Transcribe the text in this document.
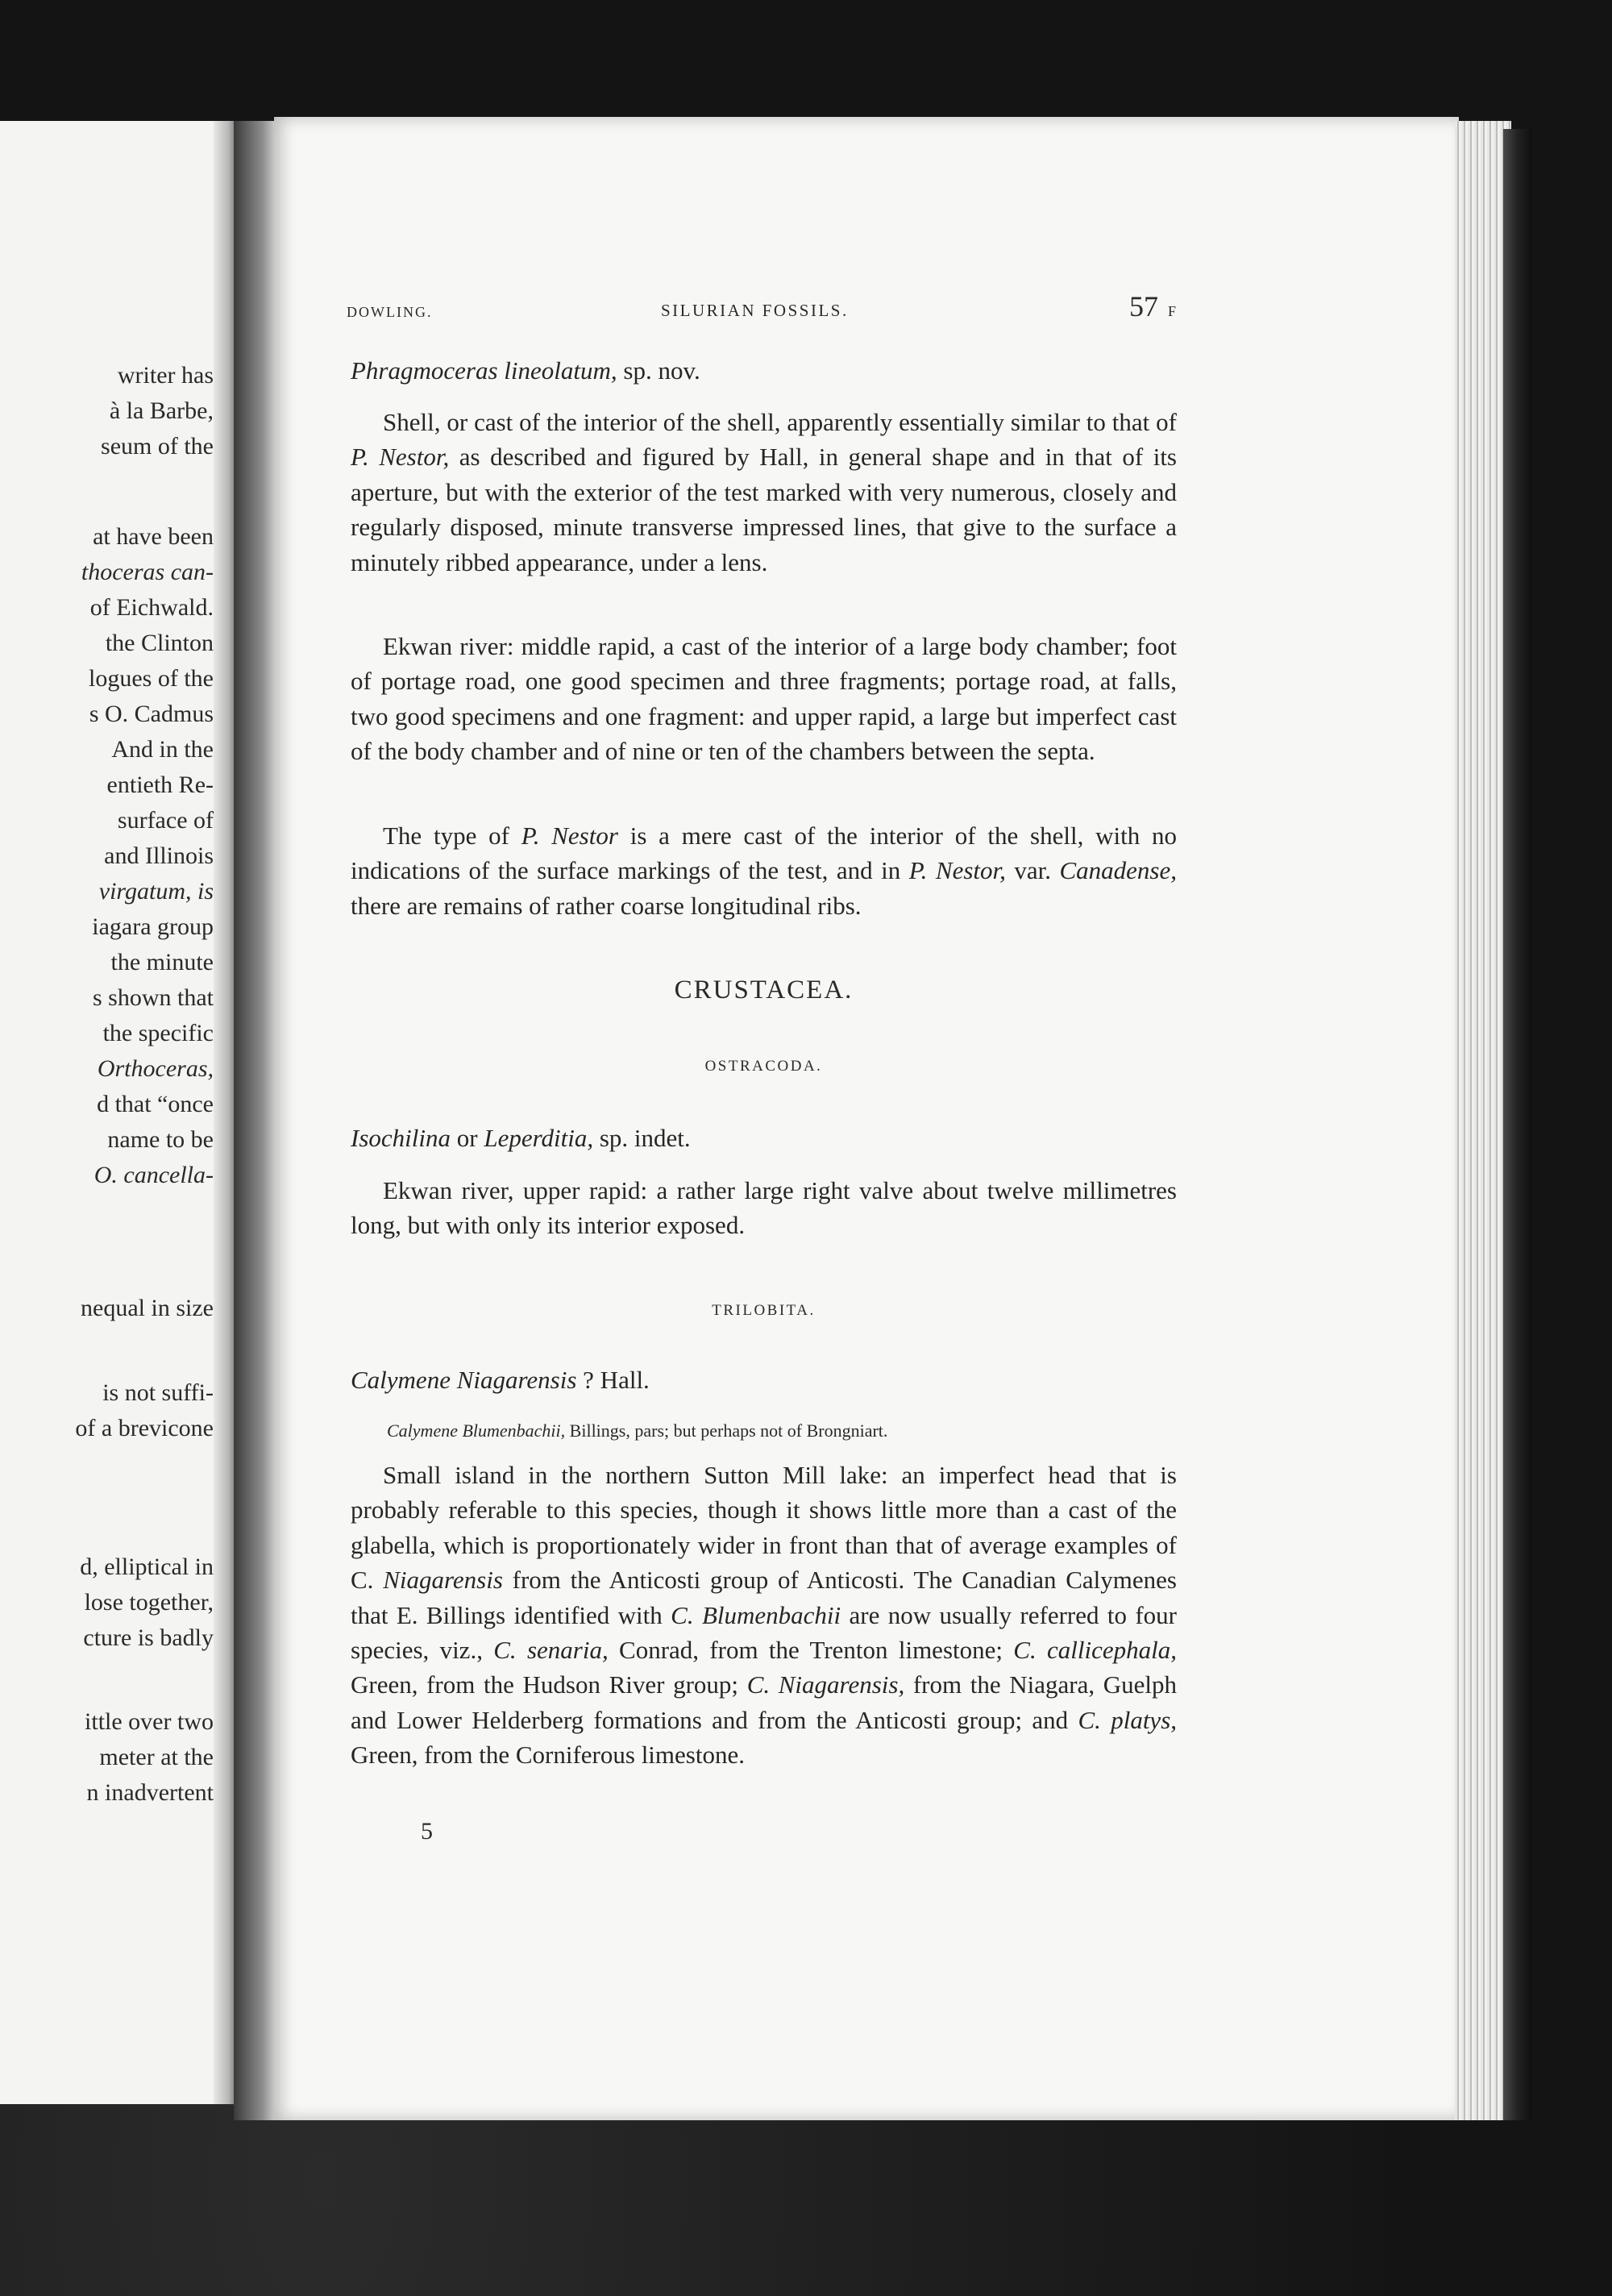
writer has
à la Barbe,
seum of the
at have been
thoceras can-
of Eichwald.
the Clinton
logues of the
s O. Cadmus
And in the
entieth Re-
surface of
and Illinois
virgatum, is
iagara group
the minute
s shown that
the specific
Orthoceras,
d that “once
name to be
O. cancella-
nequal in size
is not suffi-
of a brevicone
d, elliptical in
lose together,
cture is badly
ittle over two
meter at the
n inadvertent
DOWLING.	SILURIAN FOSSILS.	57 F
Phragmoceras lineolatum, sp. nov.
Shell, or cast of the interior of the shell, apparently essentially similar to that of P. Nestor, as described and figured by Hall, in general shape and in that of its aperture, but with the exterior of the test marked with very numerous, closely and regularly disposed, minute transverse impressed lines, that give to the surface a minutely ribbed appearance, under a lens.
Ekwan river: middle rapid, a cast of the interior of a large body chamber; foot of portage road, one good specimen and three fragments; portage road, at falls, two good specimens and one fragment: and upper rapid, a large but imperfect cast of the body chamber and of nine or ten of the chambers between the septa.
The type of P. Nestor is a mere cast of the interior of the shell, with no indications of the surface markings of the test, and in P. Nestor, var. Canadense, there are remains of rather coarse longitudinal ribs.
CRUSTACEA.
OSTRACODA.
Isochilina or Leperditia, sp. indet.
Ekwan river, upper rapid: a rather large right valve about twelve millimetres long, but with only its interior exposed.
TRILOBITA.
Calymene Niagarensis ? Hall.
Calymene Blumenbachii, Billings, pars; but perhaps not of Brongniart.
Small island in the northern Sutton Mill lake: an imperfect head that is probably referable to this species, though it shows little more than a cast of the glabella, which is proportionately wider in front than that of average examples of C. Niagarensis from the Anticosti group of Anticosti. The Canadian Calymenes that E. Billings identified with C. Blumenbachii are now usually referred to four species, viz., C. senaria, Conrad, from the Trenton limestone; C. callicephala, Green, from the Hudson River group; C. Niagarensis, from the Niagara, Guelph and Lower Helderberg formations and from the Anticosti group; and C. platys, Green, from the Corniferous limestone.
5
